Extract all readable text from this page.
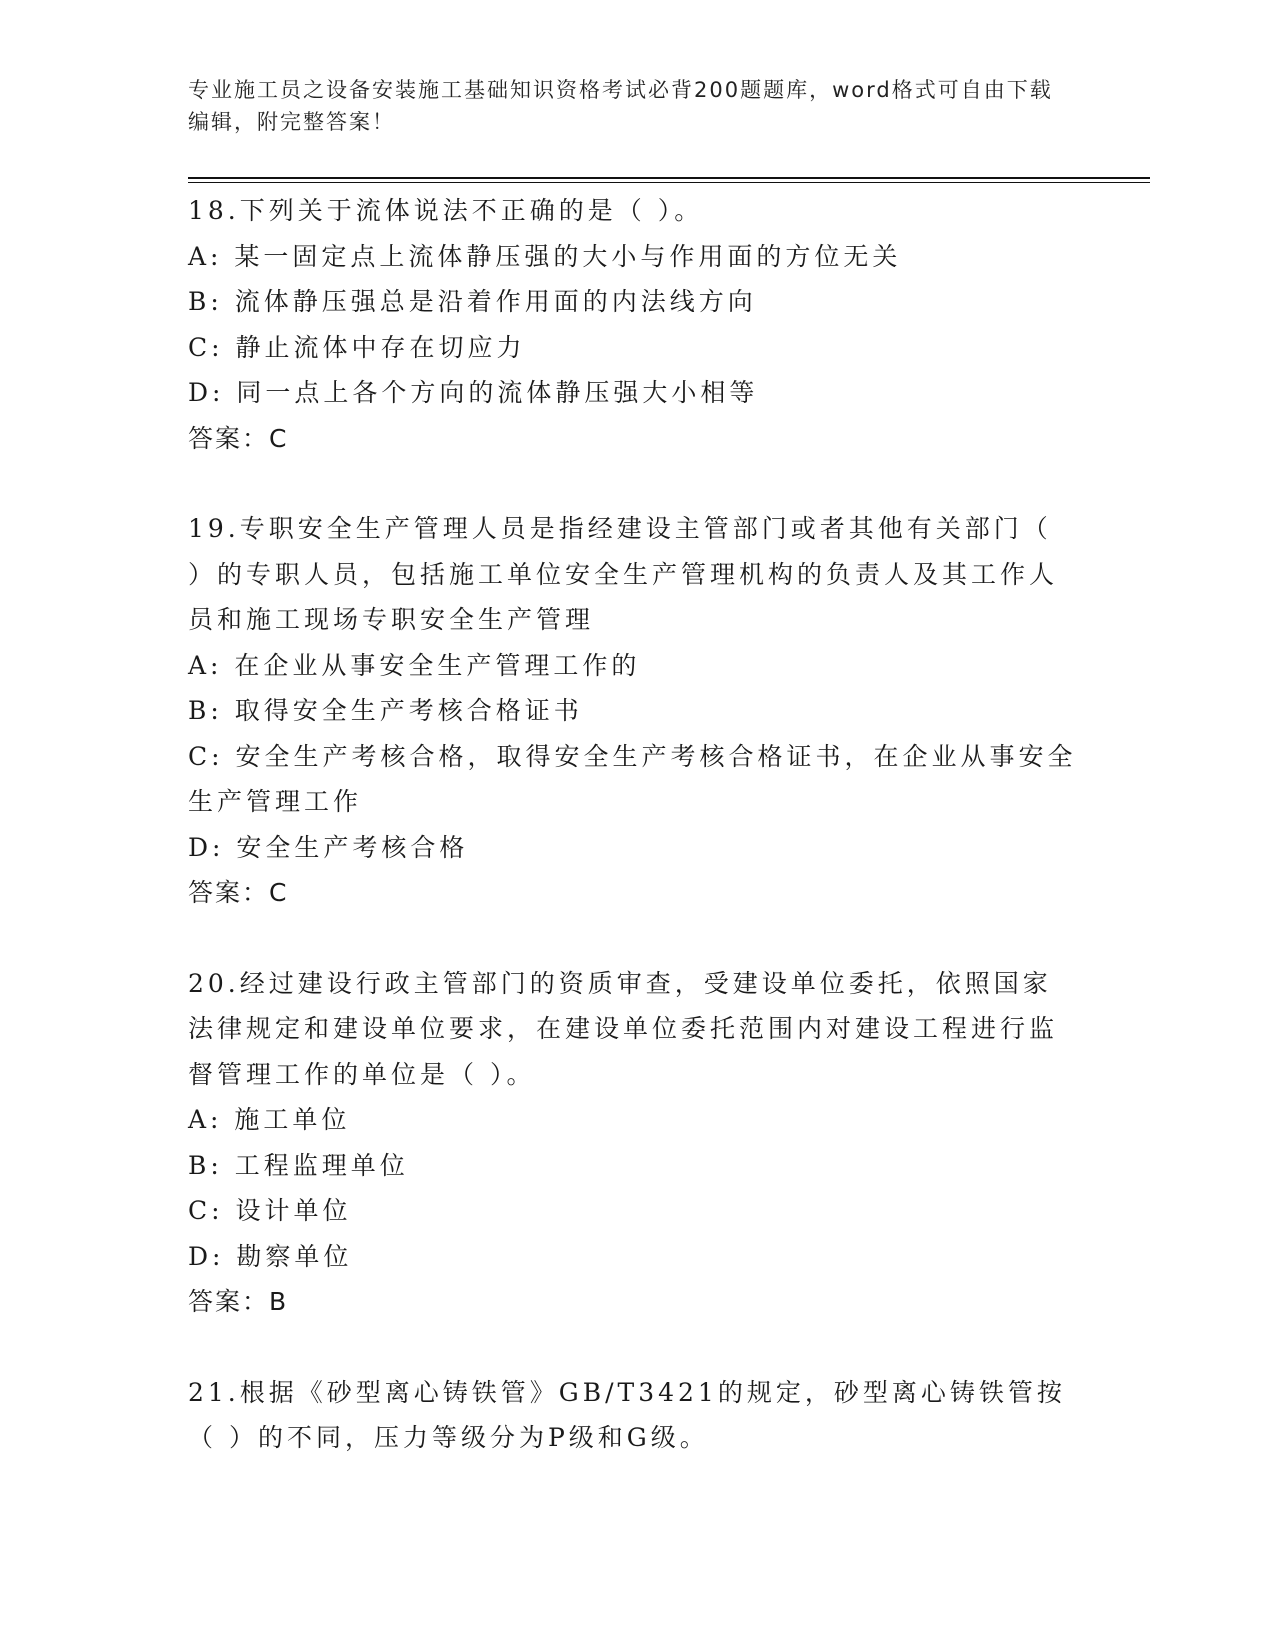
专业施工员之设备安装施工基础知识资格考试必背200题题库，word格式可自由下载编辑，附完整答案！
18.下列关于流体说法不正确的是（ ）。
A: 某一固定点上流体静压强的大小与作用面的方位无关
B: 流体静压强总是沿着作用面的内法线方向
C: 静止流体中存在切应力
D: 同一点上各个方向的流体静压强大小相等
答案：C
19.专职安全生产管理人员是指经建设主管部门或者其他有关部门（ ）的专职人员，包括施工单位安全生产管理机构的负责人及其工作人员和施工现场专职安全生产管理
A: 在企业从事安全生产管理工作的
B: 取得安全生产考核合格证书
C: 安全生产考核合格，取得安全生产考核合格证书，在企业从事安全生产管理工作
D: 安全生产考核合格
答案：C
20.经过建设行政主管部门的资质审查，受建设单位委托，依照国家法律规定和建设单位要求，在建设单位委托范围内对建设工程进行监督管理工作的单位是（ ）。
A: 施工单位
B: 工程监理单位
C: 设计单位
D: 勘察单位
答案：B
21.根据《砂型离心铸铁管》GB/T3421的规定，砂型离心铸铁管按（ ）的不同，压力等级分为P级和G级。
